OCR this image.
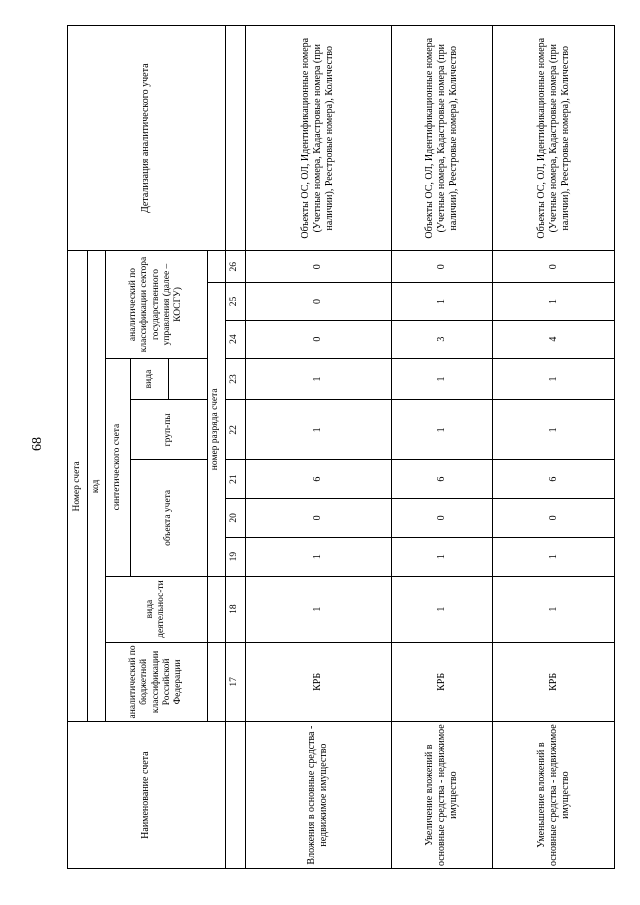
68
Наименование счета	Номер счета										Детализация аналитического учета
	код										
	аналитический по бюджетной классификации Российской Федерации	вида деятельнос-ти	синтетического счета					аналитический по классификации сектора государственного управления (далее – КОСГУ)			
			объекта учета			груп-пы	вида				

			номер разряда счета								
	17	18	19	20	21	22	23	24	25	26	
Вложения в основные средства - недвижимое имущество	КРБ	1	1	0	6	1	1	0	0	0	Объекты ОС, ОЛ, Идентификационные номера (Учетные номера, Кадастровые номера (при наличии), Реестровые номера), Количество
Увеличение вложений в основные средства - недвижимое имущество	КРБ	1	1	0	6	1	1	3	1	0	Объекты ОС, ОЛ, Идентификационные номера (Учетные номера, Кадастровые номера (при наличии), Реестровые номера), Количество
Уменьшение вложений в основные средства - недвижимое имущество	КРБ	1	1	0	6	1	1	4	1	0	Объекты ОС, ОЛ, Идентификационные номера (Учетные номера, Кадастровые номера (при наличии), Реестровые номера), Количество
